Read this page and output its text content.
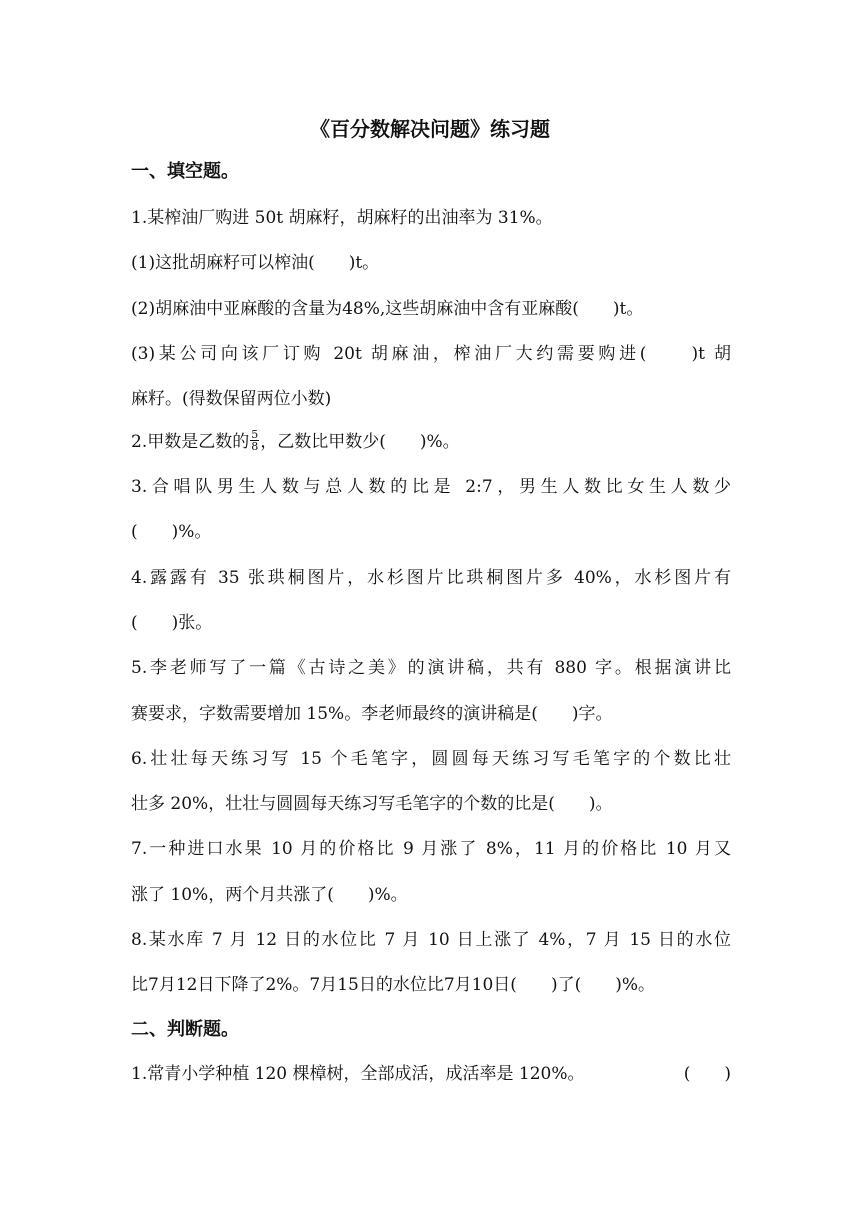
《百分数解决问题》练习题
一、填空题。
1.某榨油厂购进 50t 胡麻籽，胡麻籽的出油率为 31%。
(1)这批胡麻籽可以榨油(　　)t。
(2)胡麻油中亚麻酸的含量为48%,这些胡麻油中含有亚麻酸(　　)t。
(3)某公司向该厂订购 20t 胡麻油，榨油厂大约需要购进(　　)t 胡
麻籽。(得数保留两位小数)
2.甲数是乙数的 $\frac{5}{8}$ ，乙数比甲数少(　　)%。
3.合唱队男生人数与总人数的比是 2:7，男生人数比女生人数少
(　　)%。
4.露露有 35 张珙桐图片，水杉图片比珙桐图片多 40%，水杉图片有
(　　)张。
5.李老师写了一篇《古诗之美》的演讲稿，共有 880 字。根据演讲比
赛要求，字数需要增加 15%。李老师最终的演讲稿是(　　)字。
6.壮壮每天练习写 15 个毛笔字，圆圆每天练习写毛笔字的个数比壮
壮多 20%，壮壮与圆圆每天练习写毛笔字的个数的比是(　　)。
7.一种进口水果 10 月的价格比 9 月涨了 8%，11 月的价格比 10 月又
涨了 10%，两个月共涨了(　　)%。
8.某水库 7 月 12 日的水位比 7 月 10 日上涨了 4%，7 月 15 日的水位
比7月12日下降了2%。7月15日的水位比7月10日(　　)了(　　)%。
二、判断题。
1.常青小学种植 120 棵樟树，全部成活，成活率是 120%。	(　　)
